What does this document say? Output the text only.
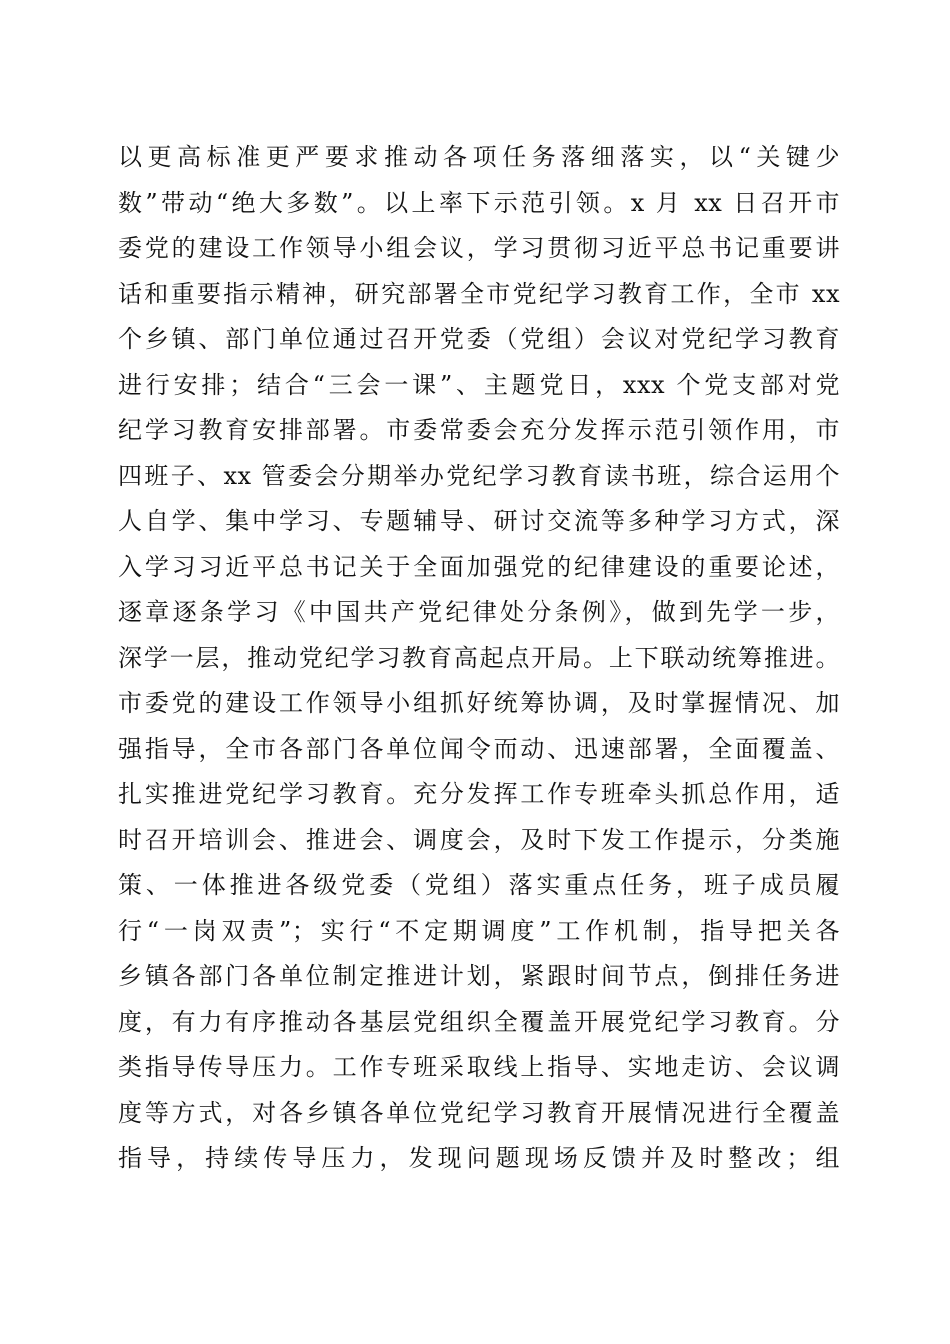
以更高标准更严要求推动各项任务落细落实，以“关键少
数”带动“绝大多数”。以上率下示范引领。x 月 xx 日召开市
委党的建设工作领导小组会议，学习贯彻习近平总书记重要讲
话和重要指示精神，研究部署全市党纪学习教育工作，全市 xx
个乡镇、部门单位通过召开党委（党组）会议对党纪学习教育
进行安排；结合“三会一课”、主题党日，xxx 个党支部对党
纪学习教育安排部署。市委常委会充分发挥示范引领作用，市
四班子、xx 管委会分期举办党纪学习教育读书班，综合运用个
人自学、集中学习、专题辅导、研讨交流等多种学习方式，深
入学习习近平总书记关于全面加强党的纪律建设的重要论述，
逐章逐条学习《中国共产党纪律处分条例》，做到先学一步，
深学一层，推动党纪学习教育高起点开局。上下联动统筹推进。
市委党的建设工作领导小组抓好统筹协调，及时掌握情况、加
强指导，全市各部门各单位闻令而动、迅速部署，全面覆盖、
扎实推进党纪学习教育。充分发挥工作专班牵头抓总作用，适
时召开培训会、推进会、调度会，及时下发工作提示，分类施
策、一体推进各级党委（党组）落实重点任务，班子成员履
行“一岗双责”；实行“不定期调度”工作机制，指导把关各
乡镇各部门各单位制定推进计划，紧跟时间节点，倒排任务进
度，有力有序推动各基层党组织全覆盖开展党纪学习教育。分
类指导传导压力。工作专班采取线上指导、实地走访、会议调
度等方式，对各乡镇各单位党纪学习教育开展情况进行全覆盖
指导，持续传导压力，发现问题现场反馈并及时整改；组
